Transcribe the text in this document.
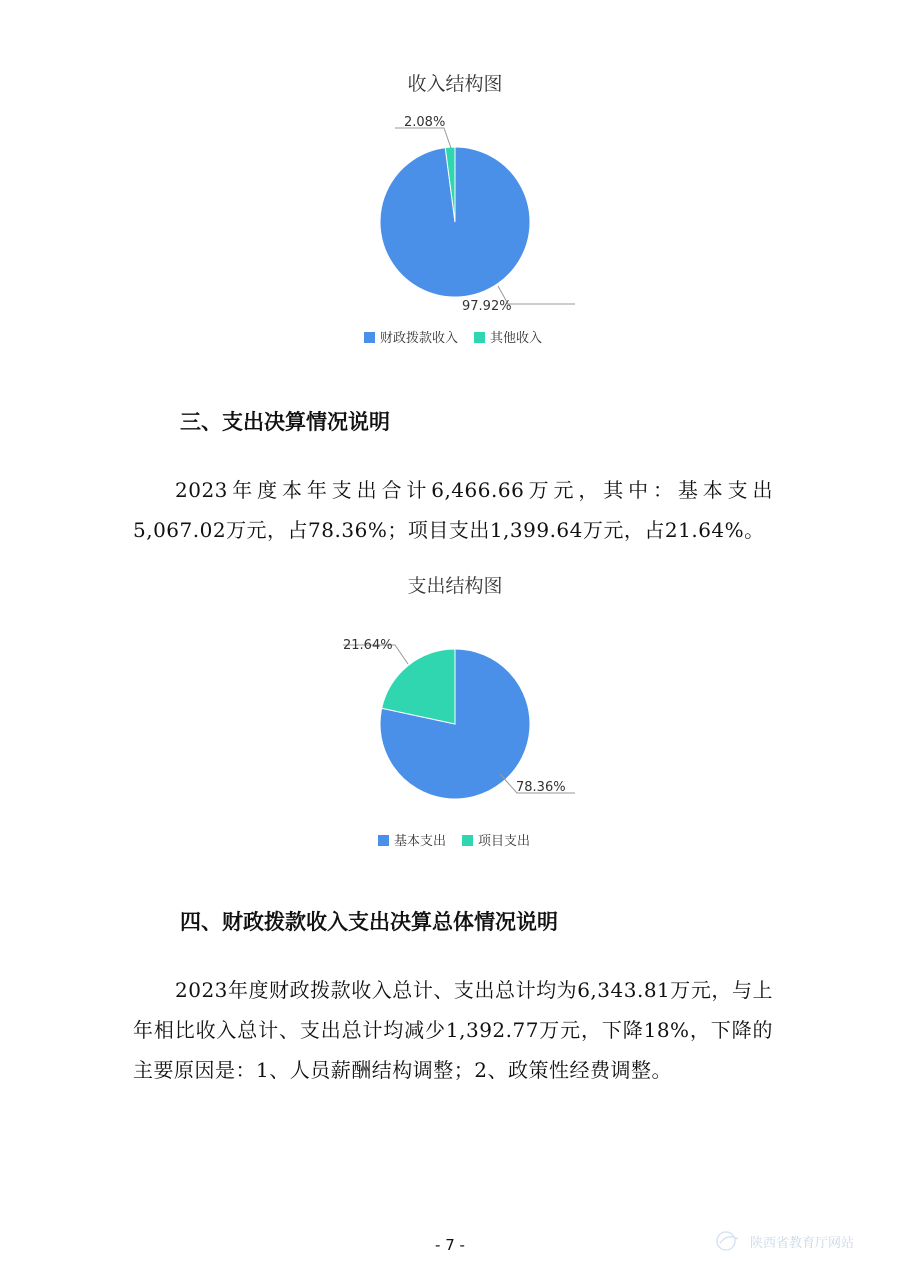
收入结构图
97.92%
2.08%
财政拨款收入 其他收入
三、支出决算情况说明

2023年度本年支出合计6,466.66万元，其中：基本支出5,067.02万元，占78.36%；项目支出1,399.64万元，占21.64%。

支出结构图
78.36%
21.64%
基本支出 项目支出
四、财政拨款收入支出决算总体情况说明

2023年度财政拨款收入总计、支出总计均为6,343.81万元，与上年相比收入总计、支出总计均减少1,392.77万元，下降18%，下降的主要原因是：1、人员薪酬结构调整；2、政策性经费调整。

- 7 -	陕西省教育厅网站
